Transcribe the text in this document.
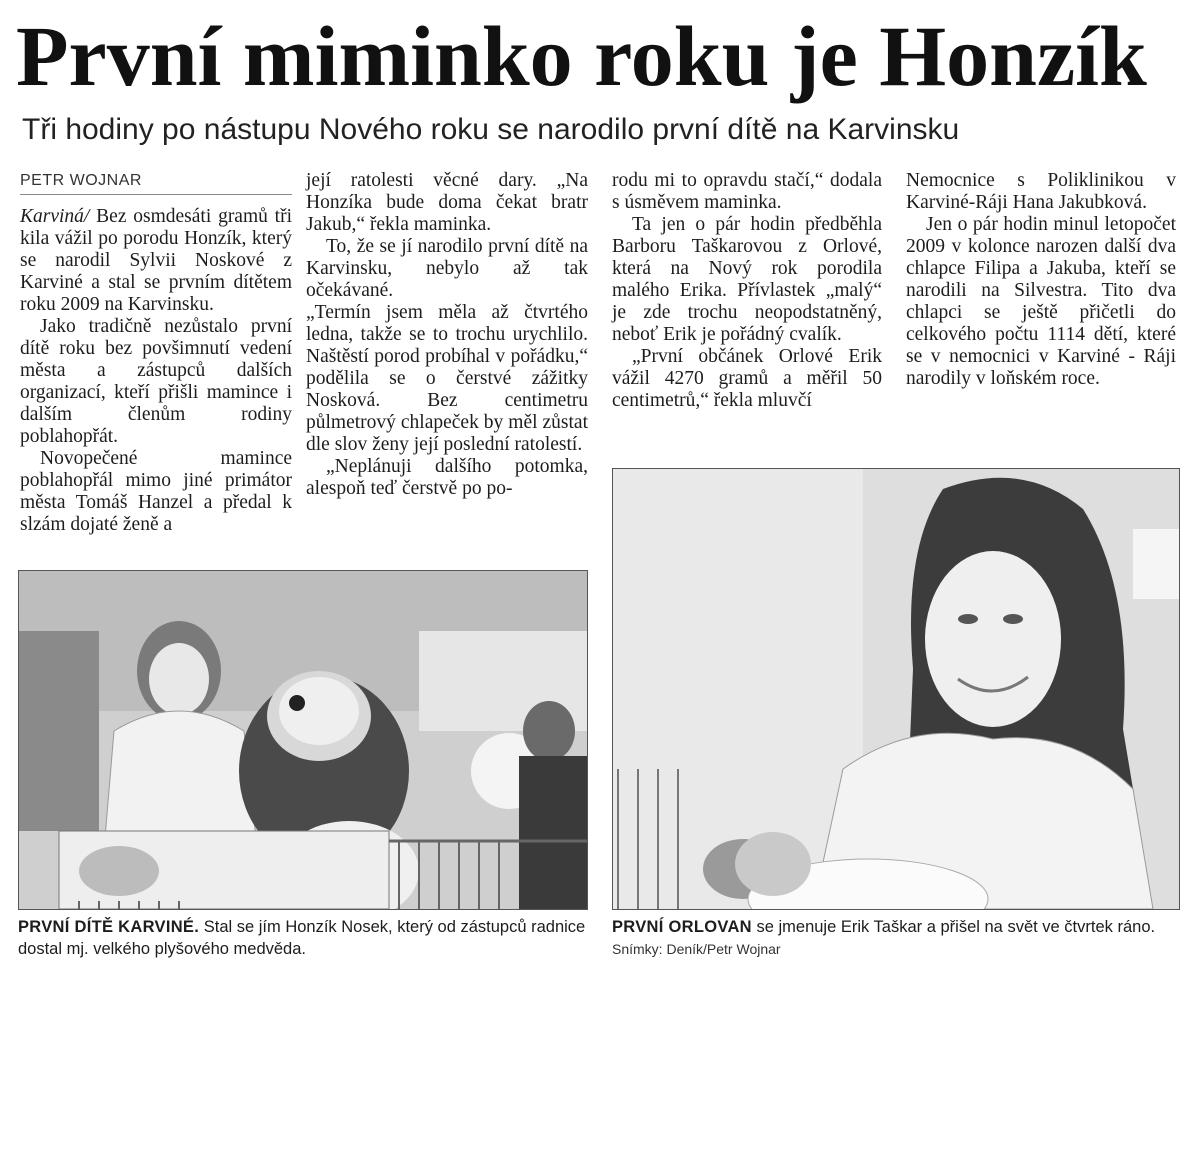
První miminko roku je Honzík
Tři hodiny po nástupu Nového roku se narodilo první dítě na Karvinsku
PETR WOJNAR

Karviná/ Bez osmdesáti gramů tři kila vážil po porodu Honzík, který se narodil Sylvii Noskové z Karviné a stal se prvním dítětem roku 2009 na Karvinsku.

Jako tradičně nezůstalo první dítě roku bez povšimnutí vedení města a zástupců dalších organizací, kteří přišli mamince i dalším členům rodiny poblahopřát.

Novopečené mamince poblahopřál mimo jiné primátor města Tomáš Hanzel a předal k slzám dojaté ženě a

její ratolesti věcné dary. „Na Honzíka bude doma čekat bratr Jakub,“ řekla maminka.

To, že se jí narodilo první dítě na Karvinsku, nebylo až tak očekávané.

„Termín jsem měla až čtvrtého ledna, takže se to trochu urychlilo. Naštěstí porod probíhal v pořádku,“ podělila se o čerstvé zážitky Nosková. Bez centimetru půlmetrový chlapeček by měl zůstat dle slov ženy její poslední ratolestí.

„Neplánuji dalšího potomka, alespoň teď čerstvě po po-

rodu mi to opravdu stačí,“ dodala s úsměvem maminka.

Ta jen o pár hodin předběhla Barboru Taškarovou z Orlové, která na Nový rok porodila malého Erika. Přívlastek „malý“ je zde trochu neopodstatněný, neboť Erik je pořádný cvalík.

„První občánek Orlové Erik vážil 4270 gramů a měřil 50 centimetrů,“ řekla mluvčí

Nemocnice s Poliklinikou v Karviné-Ráji Hana Jakubková.

Jen o pár hodin minul letopočet 2009 v kolonce narozen další dva chlapce Filipa a Jakuba, kteří se narodili na Silvestra. Tito dva chlapci se ještě přičetli do celkového počtu 1114 dětí, které se v nemocnici v Karviné - Ráji narodily v loňském roce.

PRVNÍ DÍTĚ KARVINÉ. Stal se jím Honzík Nosek, který od zástupců radnice dostal mj. velkého plyšového medvěda.
PRVNÍ ORLOVAN se jmenuje Erik Taškar a přišel na svět ve čtvrtek ráno. Snímky: Deník/Petr Wojnar
